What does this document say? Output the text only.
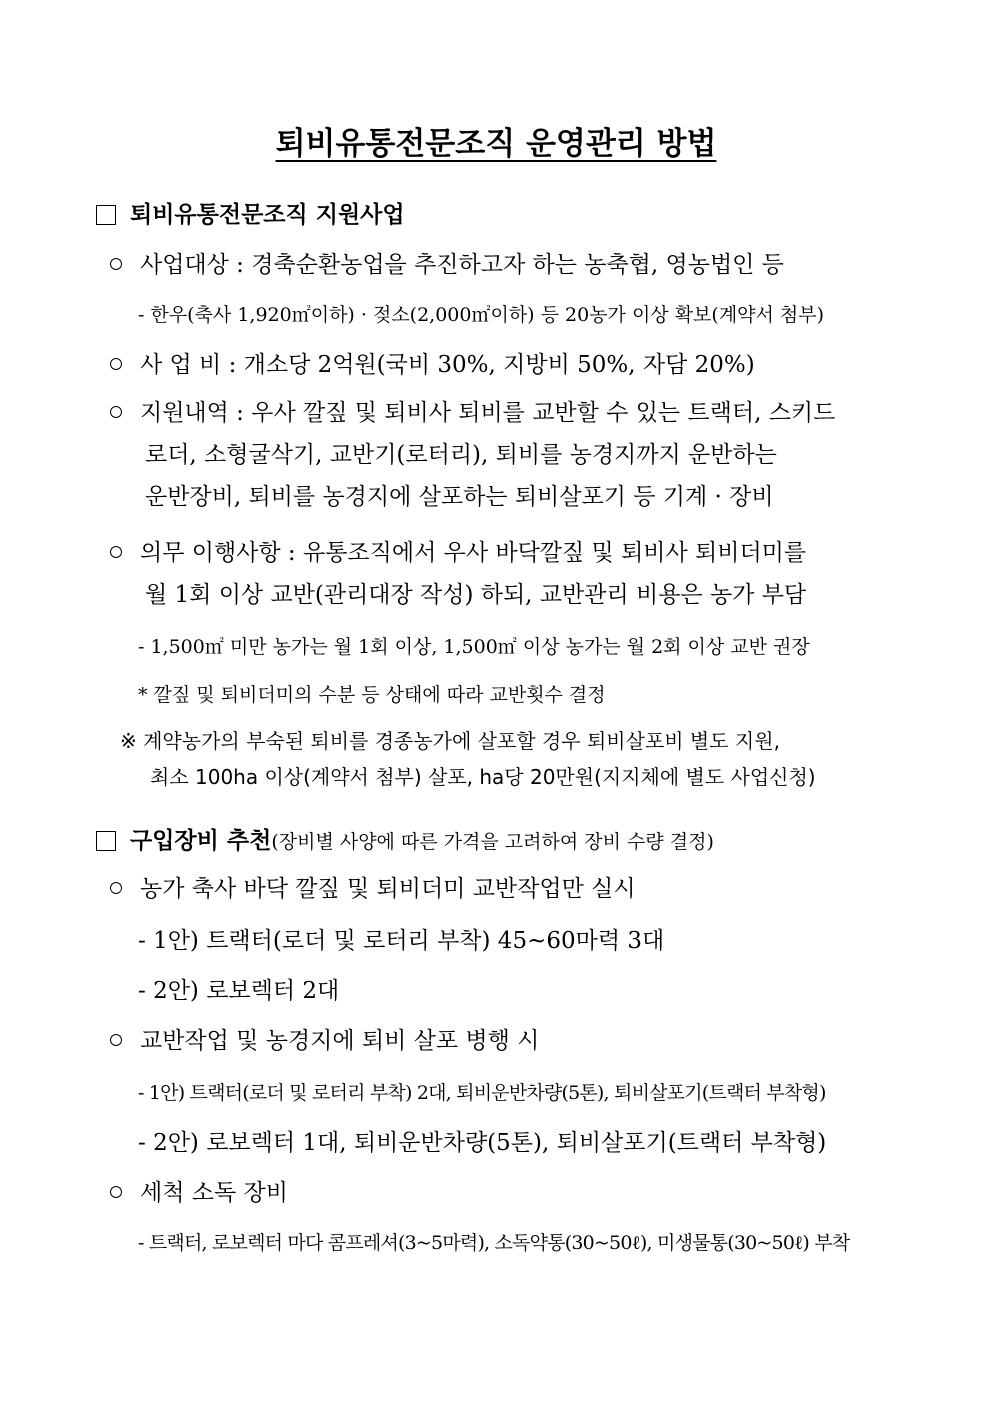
퇴비유통전문조직 운영관리 방법
퇴비유통전문조직 지원사업
사업대상 : 경축순환농업을 추진하고자 하는 농축협, 영농법인 등
- 한우(축사 1,920㎡이하) · 젖소(2,000㎡이하) 등 20농가 이상 확보(계약서 첨부)
사 업 비 : 개소당 2억원(국비 30%, 지방비 50%, 자담 20%)
지원내역 : 우사 깔짚 및 퇴비사 퇴비를 교반할 수 있는 트랙터, 스키드
로더, 소형굴삭기, 교반기(로터리), 퇴비를 농경지까지 운반하는
운반장비, 퇴비를 농경지에 살포하는 퇴비살포기 등 기계 · 장비
의무 이행사항 : 유통조직에서 우사 바닥깔짚 및 퇴비사 퇴비더미를
월 1회 이상 교반(관리대장 작성) 하되, 교반관리 비용은 농가 부담
- 1,500㎡ 미만 농가는 월 1회 이상, 1,500㎡ 이상 농가는 월 2회 이상 교반 권장
* 깔짚 및 퇴비더미의 수분 등 상태에 따라 교반횟수 결정
※ 계약농가의 부숙된 퇴비를 경종농가에 살포할 경우 퇴비살포비 별도 지원,
최소 100ha 이상(계약서 첨부) 살포, ha당 20만원(지지체에 별도 사업신청)
구입장비 추천(장비별 사양에 따른 가격을 고려하여 장비 수량 결정)
농가 축사 바닥 깔짚 및 퇴비더미 교반작업만 실시
- 1안) 트랙터(로더 및 로터리 부착) 45~60마력 3대
- 2안) 로보렉터 2대
교반작업 및 농경지에 퇴비 살포 병행 시
- 1안) 트랙터(로더 및 로터리 부착) 2대, 퇴비운반차량(5톤), 퇴비살포기(트랙터 부착형)
- 2안) 로보렉터 1대, 퇴비운반차량(5톤), 퇴비살포기(트랙터 부착형)
세척 소독 장비
- 트랙터, 로보렉터 마다 콤프레셔(3~5마력), 소독약통(30~50ℓ), 미생물통(30~50ℓ) 부착
